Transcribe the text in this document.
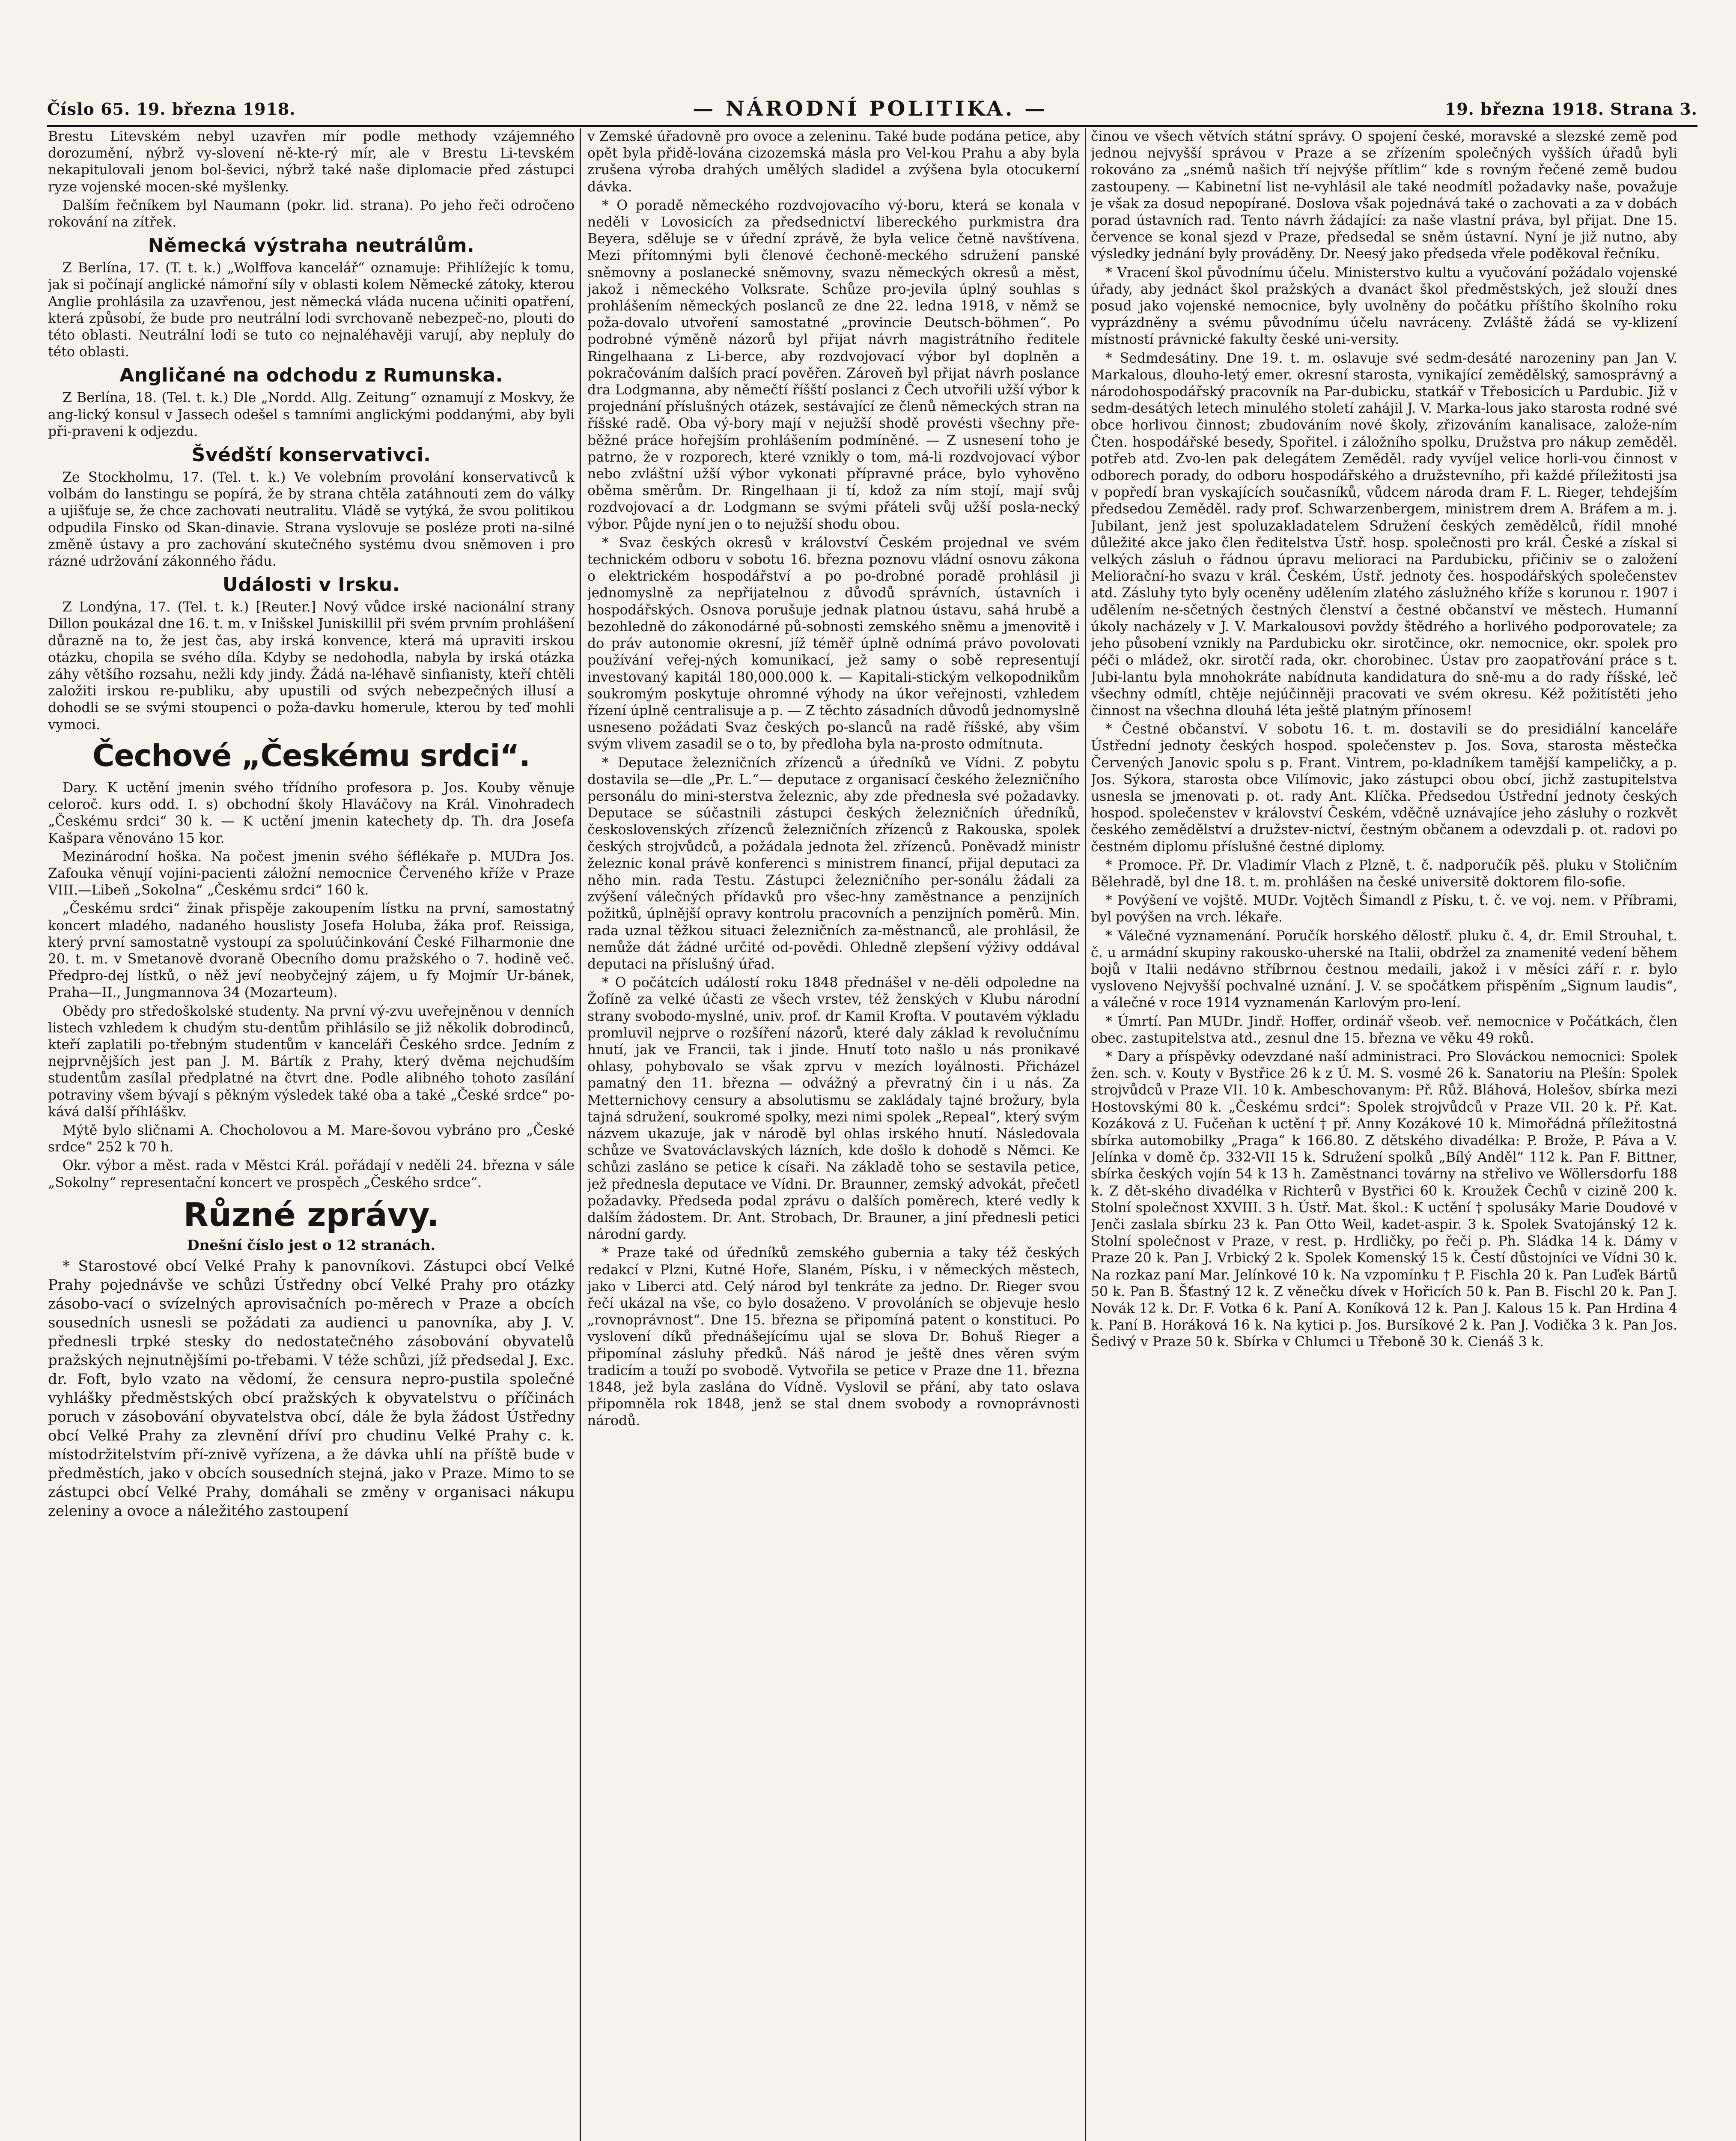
Číslo 65. 19. března 1918.	— NÁRODNÍ POLITIKA. —	19. března 1918. Strana 3.

Brestu Litevském nebyl uzavřen mír podle methody vzájemného dorozumění, nýbrž vy-slovení ně-kte-rý mír, ale v Brestu Li-tevském nekapitulovali jenom bol-ševici, nýbrž také naše diplomacie před zástupci ryze vojenské mocen-ské myšlenky.

Dalším řečníkem byl Naumann (pokr. lid. strana). Po jeho řeči odročeno rokování na zítřek.

Německá výstraha neutrálům.

Z Berlína, 17. (T. t. k.) „Wolffova kancelář“ oznamuje: Přihlížejíc k tomu, jak si počínají anglické námořní síly v oblasti kolem Německé zátoky, kterou Anglie prohlásila za uzavřenou, jest německá vláda nucena učiniti opatření, která způsobí, že bude pro neutrální lodi svrchovaně nebezpeč-no, plouti do této oblasti. Neutrální lodi se tuto co nejnaléhavěji varují, aby nepluly do této oblasti.

Angličané na odchodu z Rumunska.

Z Berlína, 18. (Tel. t. k.) Dle „Nordd. Allg. Zeitung“ oznamují z Moskvy, že ang-lický konsul v Jassech odešel s tamními anglickými poddanými, aby byli při-praveni k odjezdu.

Švédští konservativci.

Ze Stockholmu, 17. (Tel. t. k.) Ve volebním provolání konservativců k volbám do lanstingu se popírá, že by strana chtěla zatáhnouti zem do války a ujišťuje se, že chce zachovati neutralitu. Vládě se vytýká, že svou politikou odpudila Finsko od Skan-dinavie. Strana vyslovuje se posléze proti na-silné změně ústavy a pro zachování skutečného systému dvou sněmoven i pro rázné udržování zákonného řádu.

Události v Irsku.

Z Londýna, 17. (Tel. t. k.) [Reuter.] Nový vůdce irské nacionální strany Dillon poukázal dne 16. t. m. v Inišskel Juniskillil při svém prvním prohlášení důrazně na to, že jest čas, aby irská konvence, která má upraviti irskou otázku, chopila se svého díla. Kdyby se nedohodla, nabyla by irská otázka záhy většího rozsahu, nežli kdy jindy. Žádá na-léhavě sinfianisty, kteří chtěli založiti irskou re-publiku, aby upustili od svých nebezpečných illusí a dohodli se se svými stoupenci o poža-davku homerule, kterou by teď mohli vymoci.

Čechové „Českému srdci“.

Dary. K uctění jmenin svého třídního profesora p. Jos. Kouby věnuje celoroč. kurs odd. I. s) obchodní školy Hlaváčovy na Král. Vinohradech „Českému srdci“ 30 k. — K uctění jmenin katechety dp. Th. dra Josefa Kašpara věnováno 15 kor.

Mezinárodní hoška. Na počest jmenin svého šéflékaře p. MUDra Jos. Zafouka věnují vojíni-pacienti záložní nemocnice Červeného kříže v Praze VIII.—Libeň „Sokolna“ „Českému srdci“ 160 k.

„Českému srdci“ žinak přispěje zakoupením lístku na první, samostatný koncert mladého, nadaného houslisty Josefa Holuba, žáka prof. Reissiga, který první samostatně vystoupí za spoluúčinkování České Filharmonie dne 20. t. m. v Smetanově dvoraně Obecního domu pražského o 7. hodině več. Předpro-dej lístků, o něž jeví neobyčejný zájem, u fy Mojmír Ur-bánek, Praha—II., Jungmannova 34 (Mozarteum).

Obědy pro středoškolské studenty. Na první vý-zvu uveřejněnou v denních listech vzhledem k chudým stu-dentům přihlásilo se již několik dobrodinců, kteří zaplatili po-třebným studentům v kanceláři Českého srdce. Jedním z nejprvnějších jest pan J. M. Bártík z Prahy, který dvěma nejchudším studentům zasílal předplatné na čtvrt dne. Podle alibného tohoto zasílání potraviny všem bývají s pěkným výsledek také oba a také „České srdce“ po-kává další příhláškv.

Mýtě bylo sličnami A. Chocholovou a M. Mare-šovou vybráno pro „České srdce“ 252 k 70 h.

Okr. výbor a měst. rada v Městci Král. pořádají v neděli 24. března v sále „Sokolny“ representační koncert ve prospěch „Českého srdce“.

Různé zprávy.
Dnešní číslo jest o 12 stranách.

* Starostové obcí Velké Prahy k panovníkovi. Zástupci obcí Velké Prahy pojednávše ve schůzi Ústředny obcí Velké Prahy pro otázky zásobo-vací o svízelných aprovisačních po-měrech v Praze a obcích sousedních usnesli se požádati za audienci u panovníka, aby J. V. přednesli trpké stesky do nedostatečného zásobování obyvatelů pražských nejnutnějšími po-třebami. V téže schůzi, jíž předsedal J. Exc. dr. Foft, bylo vzato na vědomí, že censura nepro-pustila společné vyhlášky předměstských obcí pražských k obyvatelstvu o příčinách poruch v zásobování obyvatelstva obcí, dále že byla žádost Ústředny obcí Velké Prahy za zlevnění dříví pro chudinu Velké Prahy c. k. místodržitelstvím pří-znivě vyřízena, a že dávka uhlí na příště bude v předměstích, jako v obcích sousedních stejná, jako v Praze. Mimo to se zástupci obcí Velké Prahy, domáhali se změny v organisaci nákupu zeleniny a ovoce a náležitého zastoupení

v Zemské úřadovně pro ovoce a zeleninu. Také bude podána petice, aby opět byla přidě-lována cizozemská másla pro Vel-kou Prahu a aby byla zrušena výroba drahých umělých sladidel a zvýšena byla otocukerní dávka.

* O poradě německého rozdvojovacího vý-boru, která se konala v neděli v Lovosicích za předsednictví libereckého purkmistra dra Beyera, sděluje se v úřední zprávě, že byla velice četně navštívena. Mezi přítomnými byli členové čechoně-meckého sdružení panské sněmovny a poslanecké sněmovny, svazu německých okresů a měst, jakož i německého Volksrate. Schůze pro-jevila úplný souhlas s prohlášením německých poslanců ze dne 22. ledna 1918, v němž se poža-dovalo utvoření samostatné „provincie Deutsch-böhmen“. Po podrobné výměně názorů byl přijat návrh magistrátního ředitele Ringelhaana z Li-berce, aby rozdvojovací výbor byl doplněn a pokračováním dalších prací pověřen. Zároveň byl přijat návrh poslance dra Lodgmanna, aby němečtí říšští poslanci z Čech utvořili užší výbor k projednání příslušných otázek, sestávající ze členů německých stran na říšské radě. Oba vý-bory mají v nejužší shodě provésti všechny pře-běžné práce hořejším prohlášením podmíněné. — Z usnesení toho je patrno, že v rozporech, které vznikly o tom, má-li rozdvojovací výbor nebo zvláštní užší výbor vykonati přípravné práce, bylo vyhověno oběma směrům. Dr. Ringelhaan ji tí, kdož za ním stojí, mají svůj rozdvojovací a dr. Lodgmann se svými přáteli svůj užší posla-necký výbor. Půjde nyní jen o to nejužší shodu obou.

* Svaz českých okresů v království Českém projednal ve svém technickém odboru v sobotu 16. března poznovu vládní osnovu zákona o elektrickém hospodářství a po po-drobné poradě prohlásil ji jednomyslně za nepřijatelnou z důvodů správních, ústavních i hospodářských. Osnova porušuje jednak platnou ústavu, sahá hrubě a bezohledně do zákonodárné pů-sobnosti zemského sněmu a jmenovitě i do práv autonomie okresní, jíž téměř úplně odnímá právo povolovati používání veřej-ných komunikací, jež samy o sobě representují investovaný kapitál 180,000.000 k. — Kapitali-stickým velkopodnikům soukromým poskytuje ohromné výhody na úkor veřejnosti, vzhledem řízení úplně centralisuje a p. — Z těchto zásadních důvodů jednomyslně usneseno požádati Svaz českých po-slanců na radě říšské, aby všim svým vlivem zasadil se o to, by předloha byla na-prosto odmítnuta.

* Deputace železničních zřízenců a úředníků ve Vídni. Z pobytu dostavila se—dle „Pr. L.“— deputace z organisací českého železničního personálu do mini-sterstva železnic, aby zde přednesla své požadavky. Deputace se súčastnili zástupci českých železničních úředníků, československých zřízenců železničních zřízenců z Rakouska, spolek českých strojvůdců, a požádala jednota žel. zřízenců. Poněvadž ministr železnic konal právě konferenci s ministrem financí, přijal deputaci za něho min. rada Testu. Zástupci železničního per-sonálu žádali za zvýšení válečných přídavků pro všec-hny zaměstnance a penzijních požitků, úplnější opravy kontrolu pracovních a penzijních poměrů. Min. rada uznal těžkou situaci železničních za-městnanců, ale prohlásil, že nemůže dát žádné určité od-povědi. Ohledně zlepšení výživy oddával deputaci na příslušný úřad.

* O počátcích událostí roku 1848 přednášel v ne-děli odpoledne na Žofíně za velké účasti ze všech vrstev, též ženských v Klubu národní strany svobodo-myslné, univ. prof. dr Kamil Krofta. V poutavém výkladu promluvil nejprve o rozšíření názorů, které daly základ k revolučnímu hnutí, jak ve Francii, tak i jinde. Hnutí toto našlo u nás pronikavé ohlasy, pohybovalo se však zprvu v mezích loyálnosti. Přicházel pamatný den 11. března — odvážný a převratný čin i u nás. Za Metternichovy censury a absolutismu se zakládaly tajné brožury, byla tajná sdružení, soukromé spolky, mezi nimi spolek „Repeal“, který svým názvem ukazuje, jak v národě byl ohlas irského hnutí. Následovala schůze ve Svatováclavských lázních, kde došlo k dohodě s Němci. Ke schůzi zasláno se petice k císaři. Na základě toho se sestavila petice, jež přednesla deputace ve Vídni. Dr. Braunner, zemský advokát, přečetl požadavky. Předseda podal zprávu o dalších poměrech, které vedly k dalším žádostem. Dr. Ant. Strobach, Dr. Brauner, a jiní přednesli petici národní gardy.

* Praze také od úředníků zemského gubernia a taky též českých redakcí v Plzni, Kutné Hoře, Slaném, Písku, i v německých městech, jako v Liberci atd. Celý národ byl tenkráte za jedno. Dr. Rieger svou řečí ukázal na vše, co bylo dosaženo. V provoláních se objevuje heslo „rovnoprávnost“. Dne 15. března se připomíná patent o konstituci. Po vyslovení díků přednášejícímu ujal se slova Dr. Bohuš Rieger a připomínal zásluhy předků. Náš národ je ještě dnes věren svým tradicím a touží po svobodě. Vytvořila se petice v Praze dne 11. března 1848, jež byla zaslána do Vídně. Vyslovil se přání, aby tato oslava připomněla rok 1848, jenž se stal dnem svobody a rovnoprávnosti národů.

činou ve všech větvích státní správy. O spojení české, moravské a slezské země pod jednou nejvyšší správou v Praze a se zřízením společných vyšších úřadů byli rokováno za „snémů našich tří nejvýše přítlim“ kde s rovným řečené země budou zastoupeny. — Kabinetní list ne-vyhlásil ale také neodmítl požadavky naše, považuje je však za dosud nepopírané. Doslova však pojednává také o zachovati a za v dobách porad ústavních rad. Tento návrh žádající: za naše vlastní práva, byl přijat. Dne 15. července se konal sjezd v Praze, předsedal se sněm ústavní. Nyní je již nutno, aby výsledky jednání byly prováděny. Dr. Neesý jako předseda vřele poděkoval řečníku.

* Vracení škol původnímu účelu. Ministerstvo kultu a vyučování požádalo vojenské úřady, aby jednáct škol pražských a dvanáct škol předměstských, jež slouží dnes posud jako vojenské nemocnice, byly uvolněny do počátku příštího školního roku vyprázdněny a svému původnímu účelu navráceny. Zvláště žádá se vy-klizení místností právnické fakulty české uni-versity.

* Sedmdesátiny. Dne 19. t. m. oslavuje své sedm-desáté narozeniny pan Jan V. Markalous, dlouho-letý emer. okresní starosta, vynikající zemědělský, samosprávný a národohospodářský pracovník na Par-dubicku, statkář v Třebosicích u Pardubic. Již v sedm-desátých letech minulého století zahájil J. V. Marka-lous jako starosta rodné své obce horlivou činnost; zbudováním nové školy, zřizováním kanalisace, založe-ním Čten. hospodářské besedy, Spořitel. i záložního spolku, Družstva pro nákup zeměděl. potřeb atd. Zvo-len pak delegátem Zeměděl. rady vyvíjel velice horli-vou činnost v odborech porady, do odboru hospodářského a družstevního, při každé příležitosti jsa v popředí bran vyskajících současníků, vůdcem národa dram F. L. Rieger, tehdejším předsedou Zeměděl. rady prof. Schwarzenbergem, ministrem drem A. Bráfem a m. j. Jubilant, jenž jest spoluzakladatelem Sdružení českých zemědělců, řídil mnohé důležité akce jako člen ředitelstva Ústř. hosp. společnosti pro král. České a získal si velkých zásluh o řádnou úpravu melioraci na Pardubicku, přičiniv se o založení Meliorační-ho svazu v král. Českém, Ústř. jednoty čes. hospodářských společenstev atd. Zásluhy tyto byly oceněny udělením zlatého záslužného kříže s korunou r. 1907 i udělením ne-sčetných čestných členství a čestné občanství ve městech. Humanní úkoly nacházely v J. V. Markalousovi povždy štědrého a horlivého podporovatele; za jeho působení vznikly na Pardubicku okr. sirotčince, okr. nemocnice, okr. spolek pro péči o mládež, okr. sirotčí rada, okr. chorobinec. Ústav pro zaopatřování práce s t. Jubi-lantu byla mnohokráte nabídnuta kandidatura do sně-mu a do rady říšské, leč všechny odmítl, chtěje nejúčinněji pracovati ve svém okresu. Kéž požitístěti jeho činnost na všechna dlouhá léta ještě platným přínosem!

* Čestné občanství. V sobotu 16. t. m. dostavili se do presidiální kanceláře Ústřední jednoty českých hospod. společenstev p. Jos. Sova, starosta městečka Červených Janovic spolu s p. Frant. Vintrem, po-kladníkem tamější kampeličky, a p. Jos. Sýkora, starosta obce Vilímovic, jako zástupci obou obcí, jichž zastupitelstva usnesla se jmenovati p. ot. rady Ant. Klíčka. Předsedou Ústřední jednoty českých hospod. společenstev v království Českém, vděčně uznávajíce jeho zásluhy o rozkvět českého zemědělství a družstev-nictví, čestným občanem a odevzdali p. ot. radovi po čestném diplomu příslušné čestné diplomy.

* Promoce. Př. Dr. Vladimír Vlach z Plzně, t. č. nadporučík pěš. pluku v Stoličním Bělehradě, byl dne 18. t. m. prohlášen na české universitě doktorem filo-sofie.

* Povýšení ve vojště. MUDr. Vojtěch Šimandl z Písku, t. č. ve voj. nem. v Příbrami, byl povýšen na vrch. lékaře.

* Válečné vyznamenání. Poručík horského dělostř. pluku č. 4, dr. Emil Strouhal, t. č. u armádní skupiny rakousko-uherské na Italii, obdržel za znamenité vedení během bojů v Italii nedávno stříbrnou čestnou medaili, jakož i v měsíci září r. r. bylo vysloveno Nejvyšší pochvalné uznání. J. V. se spočátkem přispěním „Signum laudis“, a válečné v roce 1914 vyznamenán Karlovým pro-lení.

* Úmrtí. Pan MUDr. Jindř. Hoffer, ordinář všeob. veř. nemocnice v Počátkách, člen obec. zastupitelstva atd., zesnul dne 15. března ve věku 49 roků.

* Dary a příspěvky odevzdané naší administraci. Pro Slováckou nemocnici: Spolek žen. sch. v. Kouty v Bystřice 26 k z Ú. M. S. vosmé 26 k. Sanatoriu na Plešín: Spolek strojvůdců v Praze VII. 10 k. Ambeschovanym: Př. Růž. Bláhová, Holešov, sbírka mezi Hostovskými 80 k. „Českému srdci“: Spolek strojvůdců v Praze VII. 20 k. Př. Kat. Kozáková z U. Fučeňan k uctění † př. Anny Kozákové 10 k. Mimořádná příležitostná sbírka automobilky „Praga“ k 166.80. Z dětského divadélka: P. Brože, P. Páva a V. Jelínka v domě čp. 332-VII 15 k. Sdružení spolků „Bílý Anděl“ 112 k. Pan F. Bittner, sbírka českých vojín 54 k 13 h. Zaměstnanci továrny na střelivo ve Wöllersdorfu 188 k. Z dět-ského divadélka v Richterů v Bystřici 60 k. Kroužek Čechů v cizině 200 k. Stolní společnost XXVIII. 3 h. Ústř. Mat. škol.: K uctění † spolusáky Marie Doudové v Jenči zaslala sbírku 23 k. Pan Otto Weil, kadet-aspir. 3 k. Spolek Svatojánský 12 k. Stolní společnost v Praze, v rest. p. Hrdličky, po řeči p. Ph. Sládka 14 k. Dámy v Praze 20 k. Pan J. Vrbický 2 k. Spolek Komenský 15 k. Čestí důstojníci ve Vídni 30 k. Na rozkaz paní Mar. Jelínkové 10 k. Na vzpomínku † P. Fischla 20 k. Pan Luďek Bártů 50 k. Pan B. Šťastný 12 k. Z věnečku dívek v Hořicích 50 k. Pan B. Fischl 20 k. Pan J. Novák 12 k. Dr. F. Votka 6 k. Paní A. Koníková 12 k. Pan J. Kalous 15 k. Pan Hrdina 4 k. Paní B. Horáková 16 k. Na kytici p. Jos. Bursíkové 2 k. Pan J. Vodička 3 k. Pan Jos. Šedivý v Praze 50 k. Sbírka v Chlumci u Třeboně 30 k. Cienáš 3 k.
